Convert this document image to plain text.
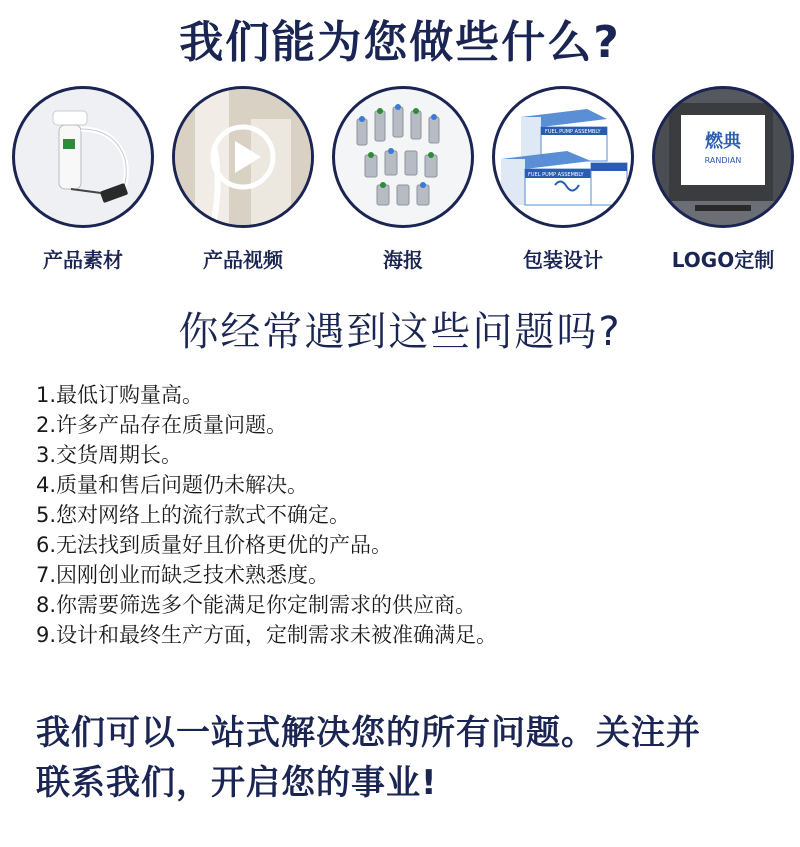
我们能为您做些什么?
产品素材	产品视频	海报
FUEL PUMP ASSEMBLY
FUEL PUMP ASSEMBLY
包装设计
燃典
RANDIAN
LOGO定制
你经常遇到这些问题吗?
1.最低订购量高。
2.许多产品存在质量问题。
3.交货周期长。
4.质量和售后问题仍未解决。
5.您对网络上的流行款式不确定。
6.无法找到质量好且价格更优的产品。
7.因刚创业而缺乏技术熟悉度。
8.你需要筛选多个能满足你定制需求的供应商。
9.设计和最终生产方面，定制需求未被准确满足。
我们可以一站式解决您的所有问题。关注并
联系我们，开启您的事业!
